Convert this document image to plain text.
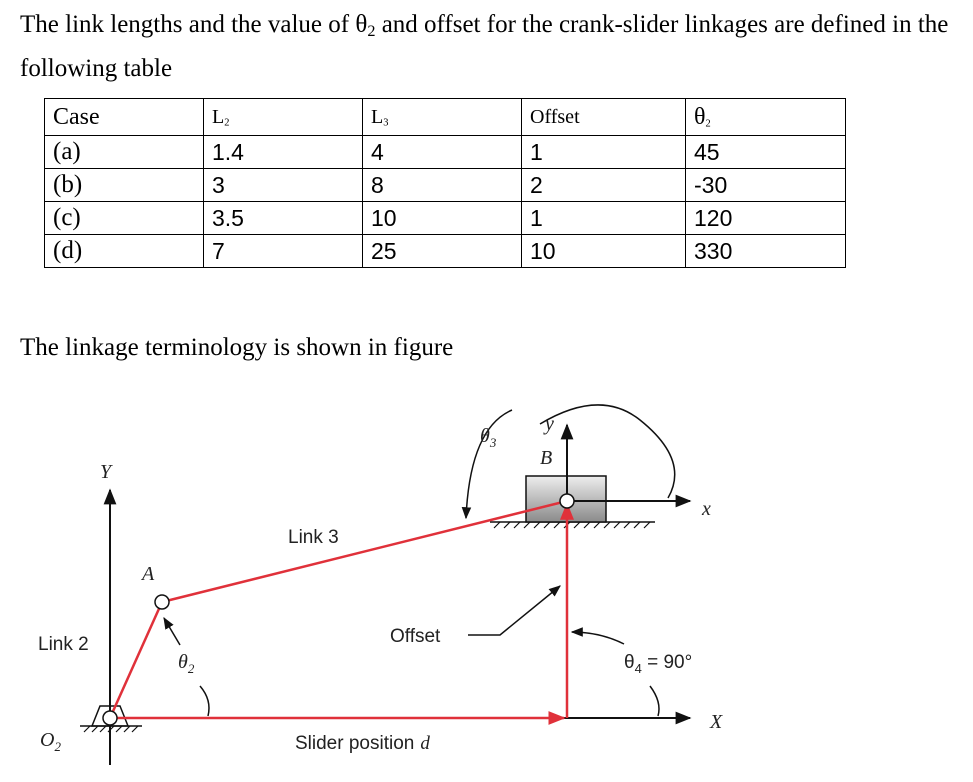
The link lengths and the value of $\theta_2$ and offset for the crank-slider linkages are defined in the following table

Case	$L_2$	$L_3$	Offset	$\theta_2$
(a)	1.4	4	1	45
(b)	3	8	2	-30
(c)	3.5	10	1	120
(d)	7	25	10	330

The linkage terminology is shown in figure

Y
X
y
x
A
B
$O_2$
Link 2
Link 3
Offset
Slider position d
$\theta_2$
$\theta_3$
$\theta_4 = 90^\circ$
